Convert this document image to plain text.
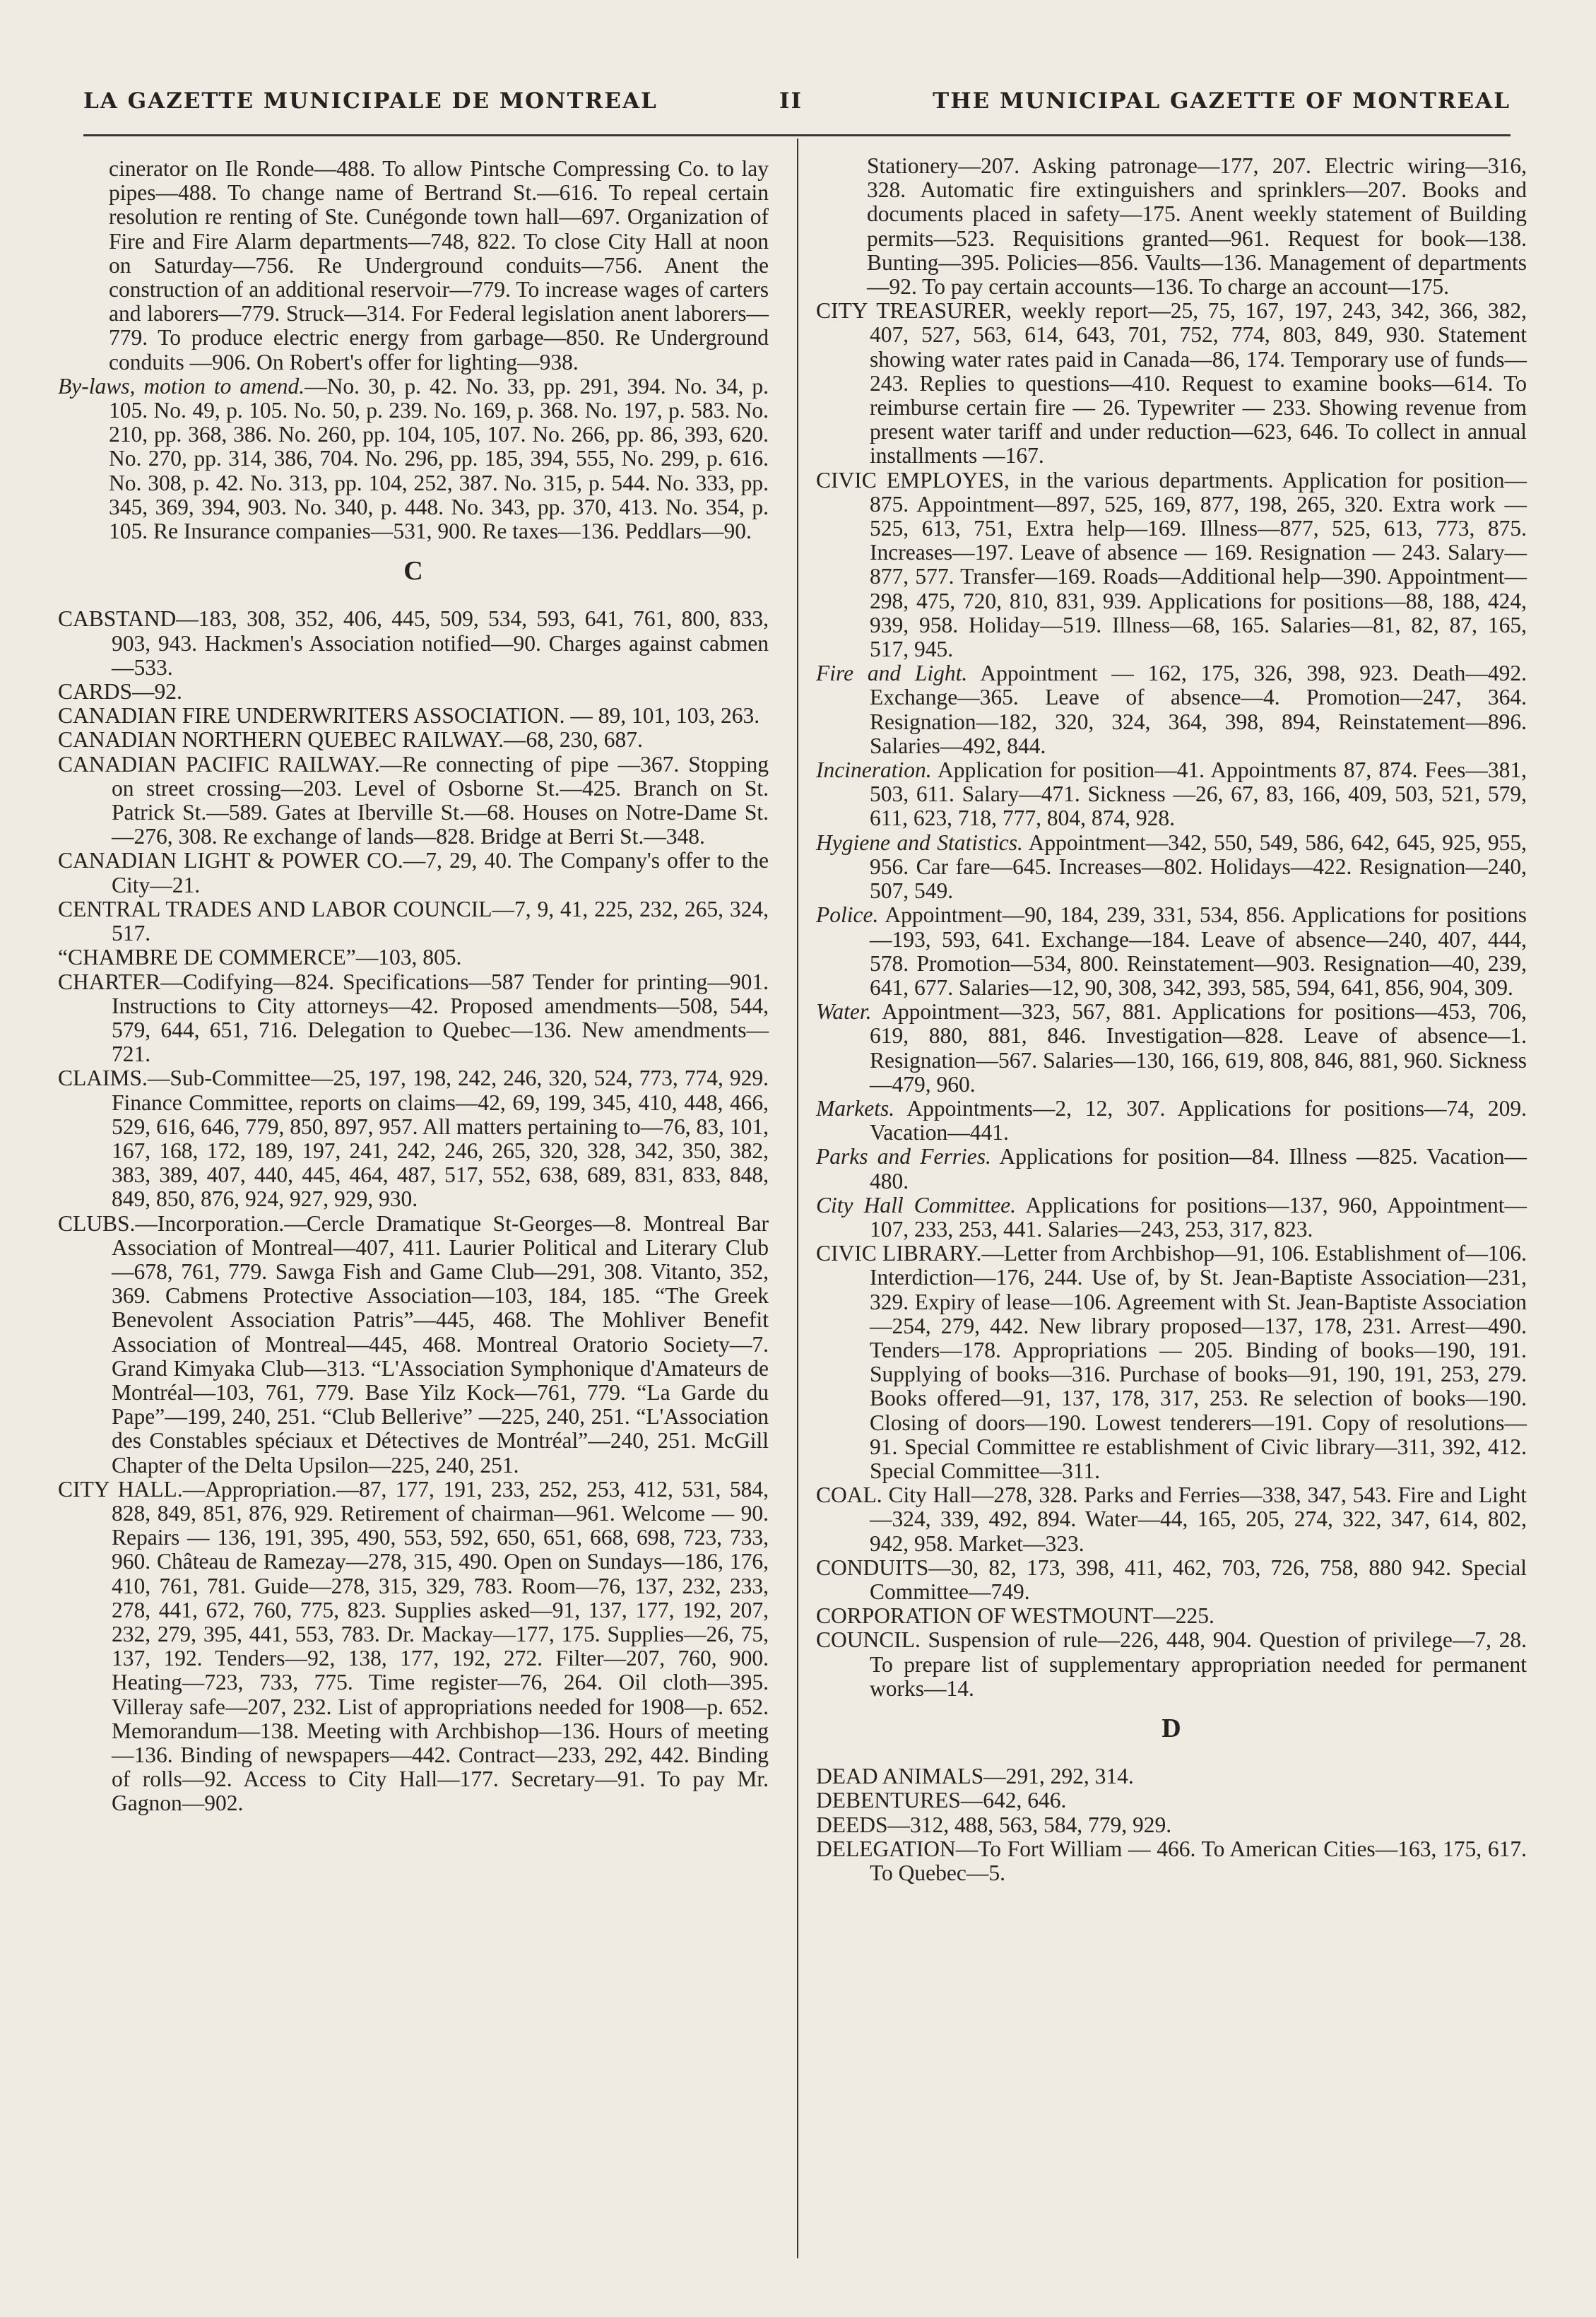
LA GAZETTE MUNICIPALE DE MONTREAL	II	THE MUNICIPAL GAZETTE OF MONTREAL

cinerator on Ile Ronde—488. To allow Pintsche Compressing Co. to lay pipes—488. To change name of Bertrand St.—616. To repeal certain resolution re renting of Ste. Cunégonde town hall—697. Organization of Fire and Fire Alarm departments—748, 822. To close City Hall at noon on Saturday—756. Re Underground conduits—756. Anent the construction of an additional reservoir—779. To increase wages of carters and laborers—779. Struck—314. For Federal legislation anent laborers—779. To produce electric energy from garbage—850. Re Underground conduits —906. On Robert's offer for lighting—938.

By-laws, motion to amend.—No. 30, p. 42. No. 33, pp. 291, 394. No. 34, p. 105. No. 49, p. 105. No. 50, p. 239. No. 169, p. 368. No. 197, p. 583. No. 210, pp. 368, 386. No. 260, pp. 104, 105, 107. No. 266, pp. 86, 393, 620. No. 270, pp. 314, 386, 704. No. 296, pp. 185, 394, 555, No. 299, p. 616. No. 308, p. 42. No. 313, pp. 104, 252, 387. No. 315, p. 544. No. 333, pp. 345, 369, 394, 903. No. 340, p. 448. No. 343, pp. 370, 413. No. 354, p. 105. Re Insurance companies—531, 900. Re taxes—136. Peddlars—90.

C

CABSTAND—183, 308, 352, 406, 445, 509, 534, 593, 641, 761, 800, 833, 903, 943. Hackmen's Association notified—90. Charges against cabmen—533.

CARDS—92.

CANADIAN FIRE UNDERWRITERS ASSOCIATION. — 89, 101, 103, 263.

CANADIAN NORTHERN QUEBEC RAILWAY.—68, 230, 687.

CANADIAN PACIFIC RAILWAY.—Re connecting of pipe —367. Stopping on street crossing—203. Level of Osborne St.—425. Branch on St. Patrick St.—589. Gates at Iberville St.—68. Houses on Notre-Dame St. —276, 308. Re exchange of lands—828. Bridge at Berri St.—348.

CANADIAN LIGHT & POWER CO.—7, 29, 40. The Company's offer to the City—21.

CENTRAL TRADES AND LABOR COUNCIL—7, 9, 41, 225, 232, 265, 324, 517.

“CHAMBRE DE COMMERCE”—103, 805.

CHARTER—Codifying—824. Specifications—587 Tender for printing—901. Instructions to City attorneys—42. Proposed amendments—508, 544, 579, 644, 651, 716. Delegation to Quebec—136. New amendments—721.

CLAIMS.—Sub-Committee—25, 197, 198, 242, 246, 320, 524, 773, 774, 929. Finance Committee, reports on claims—42, 69, 199, 345, 410, 448, 466, 529, 616, 646, 779, 850, 897, 957. All matters pertaining to—76, 83, 101, 167, 168, 172, 189, 197, 241, 242, 246, 265, 320, 328, 342, 350, 382, 383, 389, 407, 440, 445, 464, 487, 517, 552, 638, 689, 831, 833, 848, 849, 850, 876, 924, 927, 929, 930.

CLUBS.—Incorporation.—Cercle Dramatique St-Georges—8. Montreal Bar Association of Montreal—407, 411. Laurier Political and Literary Club—678, 761, 779. Sawga Fish and Game Club—291, 308. Vitanto, 352, 369. Cabmens Protective Association—103, 184, 185. “The Greek Benevolent Association Patris”—445, 468. The Mohliver Benefit Association of Montreal—445, 468. Montreal Oratorio Society—7. Grand Kimyaka Club—313. “L'Association Symphonique d'Amateurs de Montréal—103, 761, 779. Base Yilz Kock—761, 779. “La Garde du Pape”—199, 240, 251. “Club Bellerive” —225, 240, 251. “L'Association des Constables spéciaux et Détectives de Montréal”—240, 251. McGill Chapter of the Delta Upsilon—225, 240, 251.

CITY HALL.—Appropriation.—87, 177, 191, 233, 252, 253, 412, 531, 584, 828, 849, 851, 876, 929. Retirement of chairman—961. Welcome — 90. Repairs — 136, 191, 395, 490, 553, 592, 650, 651, 668, 698, 723, 733, 960. Château de Ramezay—278, 315, 490. Open on Sundays—186, 176, 410, 761, 781. Guide—278, 315, 329, 783. Room—76, 137, 232, 233, 278, 441, 672, 760, 775, 823. Supplies asked—91, 137, 177, 192, 207, 232, 279, 395, 441, 553, 783. Dr. Mackay—177, 175. Supplies—26, 75, 137, 192. Tenders—92, 138, 177, 192, 272. Filter—207, 760, 900. Heating—723, 733, 775. Time register—76, 264. Oil cloth—395. Villeray safe—207, 232. List of appropriations needed for 1908—p. 652. Memorandum—138. Meeting with Archbishop—136. Hours of meeting—136. Binding of newspapers—442. Contract—233, 292, 442. Binding of rolls—92. Access to City Hall—177. Secretary—91. To pay Mr. Gagnon—902.

Stationery—207. Asking patronage—177, 207. Electric wiring—316, 328. Automatic fire extinguishers and sprinklers—207. Books and documents placed in safety—175. Anent weekly statement of Building permits—523. Requisitions granted—961. Request for book—138. Bunting—395. Policies—856. Vaults—136. Management of departments—92. To pay certain accounts—136. To charge an account—175.

CITY TREASURER, weekly report—25, 75, 167, 197, 243, 342, 366, 382, 407, 527, 563, 614, 643, 701, 752, 774, 803, 849, 930. Statement showing water rates paid in Canada—86, 174. Temporary use of funds—243. Replies to questions—410. Request to examine books—614. To reimburse certain fire — 26. Typewriter — 233. Showing revenue from present water tariff and under reduction—623, 646. To collect in annual installments —167.

CIVIC EMPLOYES, in the various departments. Application for position—875. Appointment—897, 525, 169, 877, 198, 265, 320. Extra work — 525, 613, 751, Extra help—169. Illness—877, 525, 613, 773, 875. Increases—197. Leave of absence — 169. Resignation — 243. Salary—877, 577. Transfer—169. Roads—Additional help—390. Appointment—298, 475, 720, 810, 831, 939. Applications for positions—88, 188, 424, 939, 958. Holiday—519. Illness—68, 165. Salaries—81, 82, 87, 165, 517, 945.

Fire and Light. Appointment — 162, 175, 326, 398, 923. Death—492. Exchange—365. Leave of absence—4. Promotion—247, 364. Resignation—182, 320, 324, 364, 398, 894, Reinstatement—896. Salaries—492, 844.

Incineration. Application for position—41. Appointments 87, 874. Fees—381, 503, 611. Salary—471. Sickness —26, 67, 83, 166, 409, 503, 521, 579, 611, 623, 718, 777, 804, 874, 928.

Hygiene and Statistics. Appointment—342, 550, 549, 586, 642, 645, 925, 955, 956. Car fare—645. Increases—802. Holidays—422. Resignation—240, 507, 549.

Police. Appointment—90, 184, 239, 331, 534, 856. Applications for positions—193, 593, 641. Exchange—184. Leave of absence—240, 407, 444, 578. Promotion—534, 800. Reinstatement—903. Resignation—40, 239, 641, 677. Salaries—12, 90, 308, 342, 393, 585, 594, 641, 856, 904, 309.

Water. Appointment—323, 567, 881. Applications for positions—453, 706, 619, 880, 881, 846. Investigation—828. Leave of absence—1. Resignation—567. Salaries—130, 166, 619, 808, 846, 881, 960. Sickness—479, 960.

Markets. Appointments—2, 12, 307. Applications for positions—74, 209. Vacation—441.

Parks and Ferries. Applications for position—84. Illness —825. Vacation—480.

City Hall Committee. Applications for positions—137, 960, Appointment—107, 233, 253, 441. Salaries—243, 253, 317, 823.

CIVIC LIBRARY.—Letter from Archbishop—91, 106. Establishment of—106. Interdiction—176, 244. Use of, by St. Jean-Baptiste Association—231, 329. Expiry of lease—106. Agreement with St. Jean-Baptiste Association—254, 279, 442. New library proposed—137, 178, 231. Arrest—490. Tenders—178. Appropriations — 205. Binding of books—190, 191. Supplying of books—316. Purchase of books—91, 190, 191, 253, 279. Books offered—91, 137, 178, 317, 253. Re selection of books—190. Closing of doors—190. Lowest tenderers—191. Copy of resolutions—91. Special Committee re establishment of Civic library—311, 392, 412. Special Committee—311.

COAL. City Hall—278, 328. Parks and Ferries—338, 347, 543. Fire and Light—324, 339, 492, 894. Water—44, 165, 205, 274, 322, 347, 614, 802, 942, 958. Market—323.

CONDUITS—30, 82, 173, 398, 411, 462, 703, 726, 758, 880 942. Special Committee—749.

CORPORATION OF WESTMOUNT—225.

COUNCIL. Suspension of rule—226, 448, 904. Question of privilege—7, 28. To prepare list of supplementary appropriation needed for permanent works—14.

D

DEAD ANIMALS—291, 292, 314.

DEBENTURES—642, 646.

DEEDS—312, 488, 563, 584, 779, 929.

DELEGATION—To Fort William — 466. To American Cities—163, 175, 617. To Quebec—5.
